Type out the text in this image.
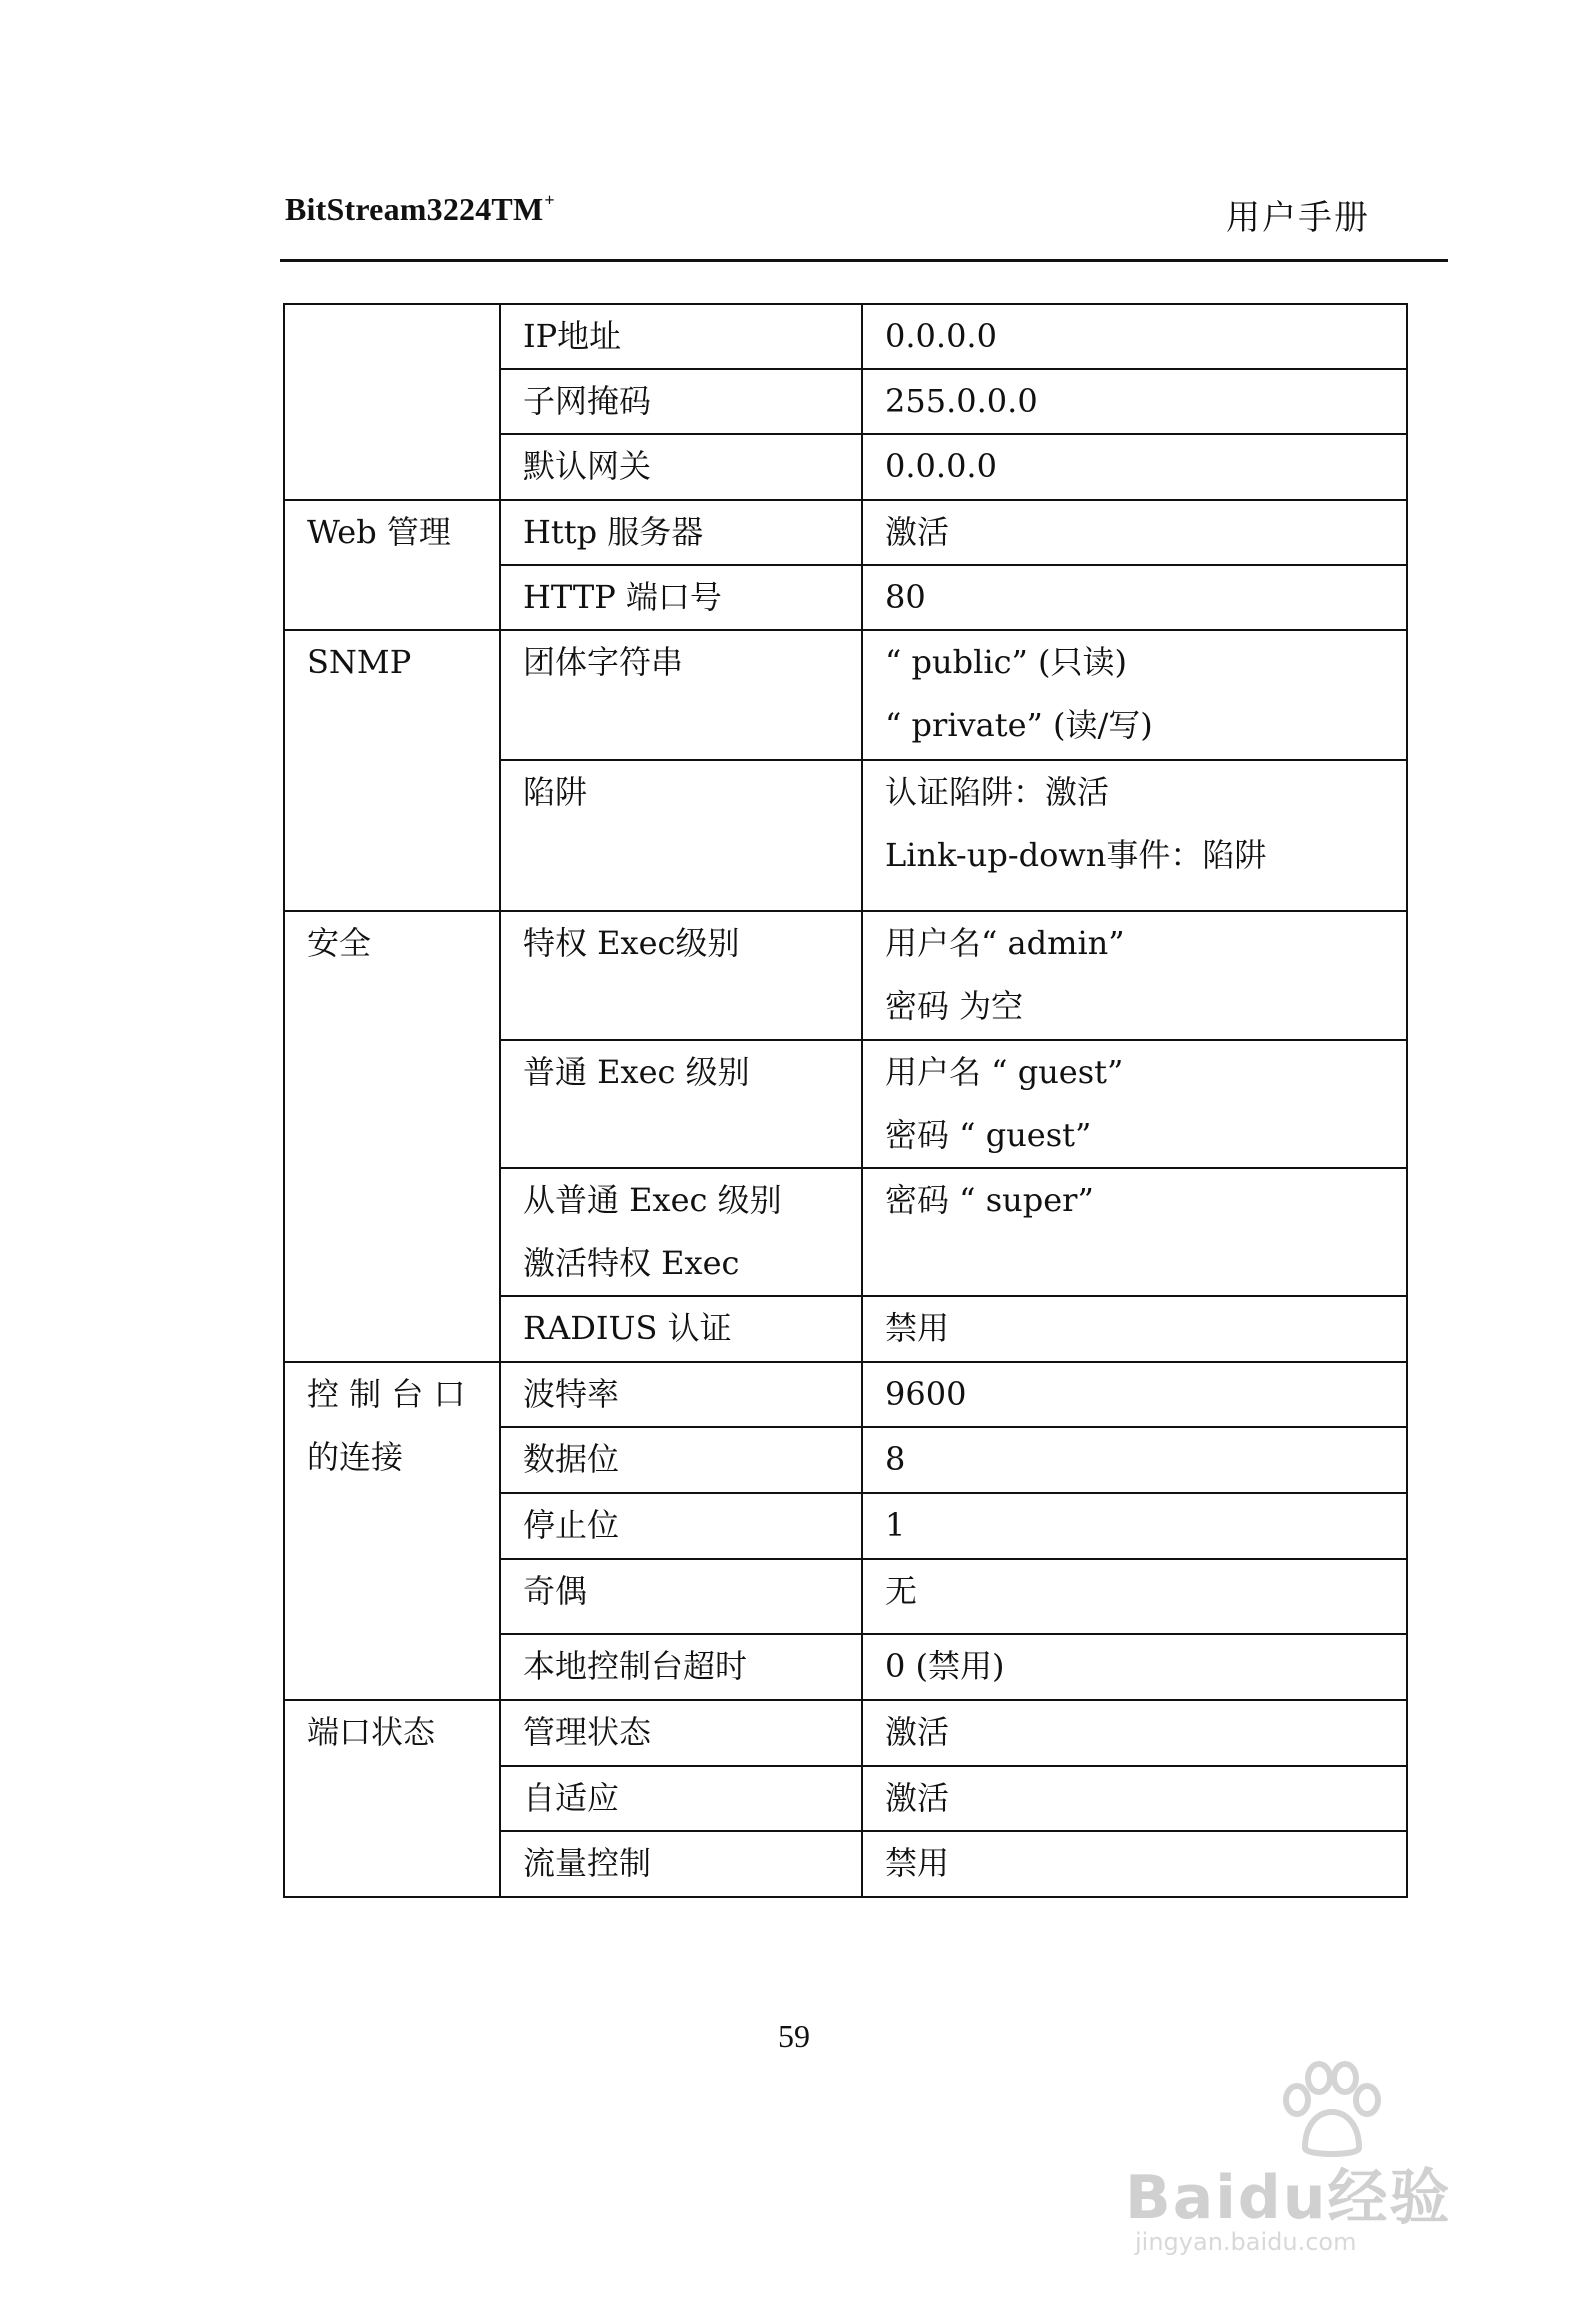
BitStream3224TM+	用户手册

	IP地址	0.0.0.0

	子网掩码	255.0.0.0

	默认网关	0.0.0.0

Web 管理	Http 服务器	激活

	HTTP 端口号	80

SNMP	团体字符串	“ public” (只读)
“ private” (读/写)

	陷阱	认证陷阱：激活
Link-up-down事件：陷阱

安全	特权 Exec级别	用户名“ admin”
密码 为空

	普通 Exec 级别	用户名 “ guest”
密码 “ guest”

	从普通 Exec 级别
激活特权 Exec	密码 “ super”

	RADIUS 认证	禁用

控 制 台 口
的连接	波特率	9600

	数据位	8

	停止位	1

	奇偶	无

	本地控制台超时	0 (禁用)

端口状态	管理状态	激活

	自适应	激活

	流量控制	禁用
59
Baidu经验
jingyan.baidu.com
